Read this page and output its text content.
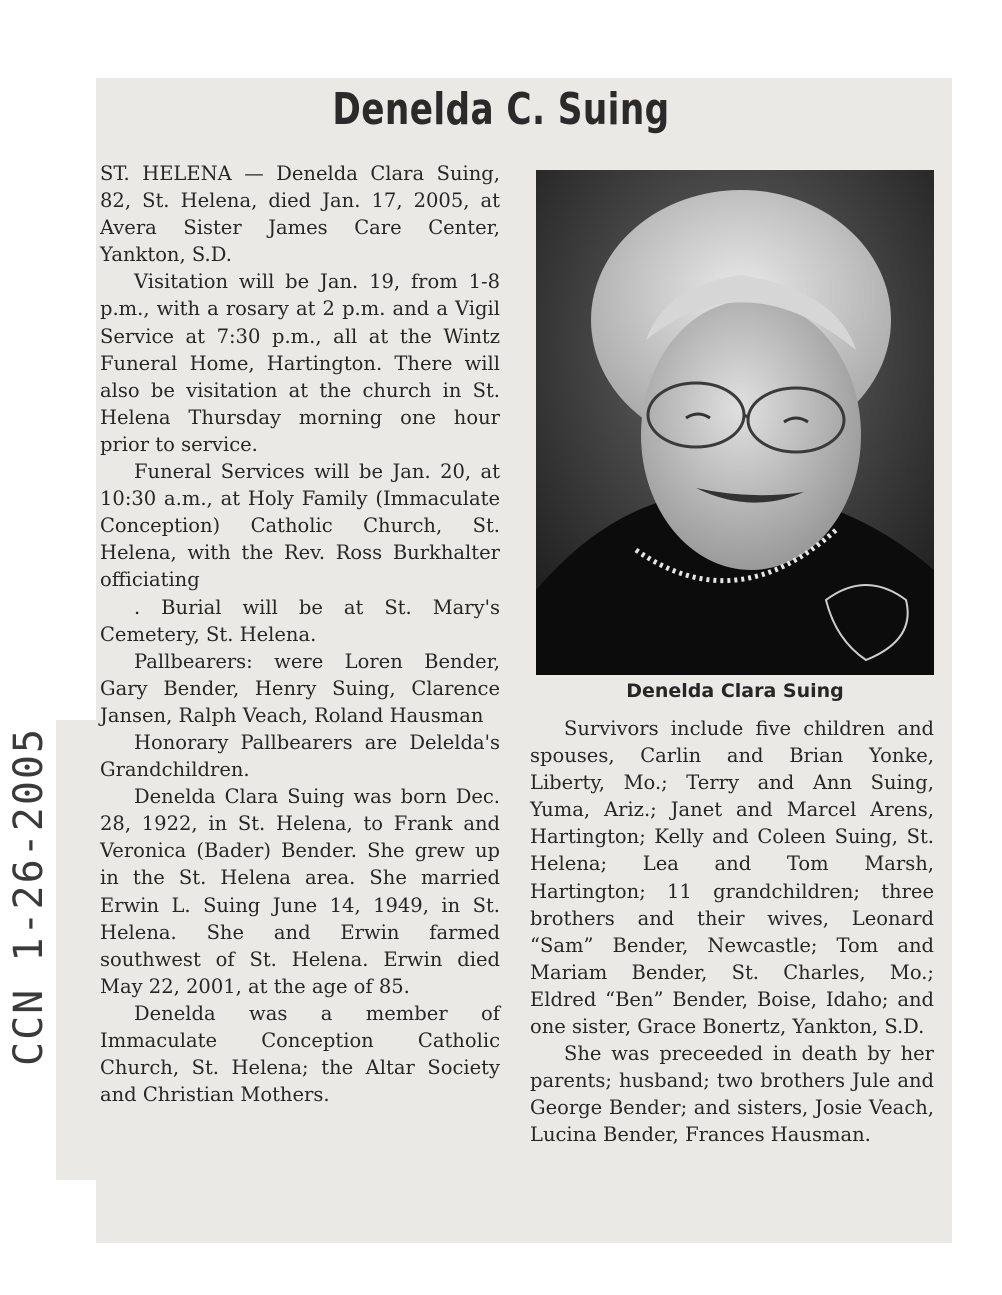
Denelda C. Suing

ST. HELENA — Denelda Clara Suing, 82, St. Helena, died Jan. 17, 2005, at Avera Sister James Care Center, Yankton, S.D.

Visitation will be Jan. 19, from 1-8 p.m., with a rosary at 2 p.m. and a Vigil Service at 7:30 p.m., all at the Wintz Funeral Home, Hartington. There will also be visitation at the church in St. Helena Thursday morning one hour prior to service.

Funeral Services will be Jan. 20, at 10:30 a.m., at Holy Family (Immaculate Conception) Catholic Church, St. Helena, with the Rev. Ross Burkhalter officiating

. Burial will be at St. Mary's Cemetery, St. Helena.

Pallbearers: were Loren Bender, Gary Bender, Henry Suing, Clarence Jansen, Ralph Veach, Roland Hausman

Honorary Pallbearers are Delelda's Grandchildren.

Denelda Clara Suing was born Dec. 28, 1922, in St. Helena, to Frank and Veronica (Bader) Bender. She grew up in the St. Helena area. She married Erwin L. Suing June 14, 1949, in St. Helena. She and Erwin farmed southwest of St. Helena. Erwin died May 22, 2001, at the age of 85.

Denelda was a member of Immaculate Conception Catholic Church, St. Helena; the Altar Society and Christian Mothers.

Denelda Clara Suing

Survivors include five children and spouses, Carlin and Brian Yonke, Liberty, Mo.; Terry and Ann Suing, Yuma, Ariz.; Janet and Marcel Arens, Hartington; Kelly and Coleen Suing, St. Helena; Lea and Tom Marsh, Hartington; 11 grandchildren; three brothers and their wives, Leonard “Sam” Bender, Newcastle; Tom and Mariam Bender, St. Charles, Mo.; Eldred “Ben” Bender, Boise, Idaho; and one sister, Grace Bonertz, Yankton, S.D.

She was preceeded in death by her parents; husband; two brothers Jule and George Bender; and sisters, Josie Veach, Lucina Bender, Frances Hausman.

CCN 1-26-2005
